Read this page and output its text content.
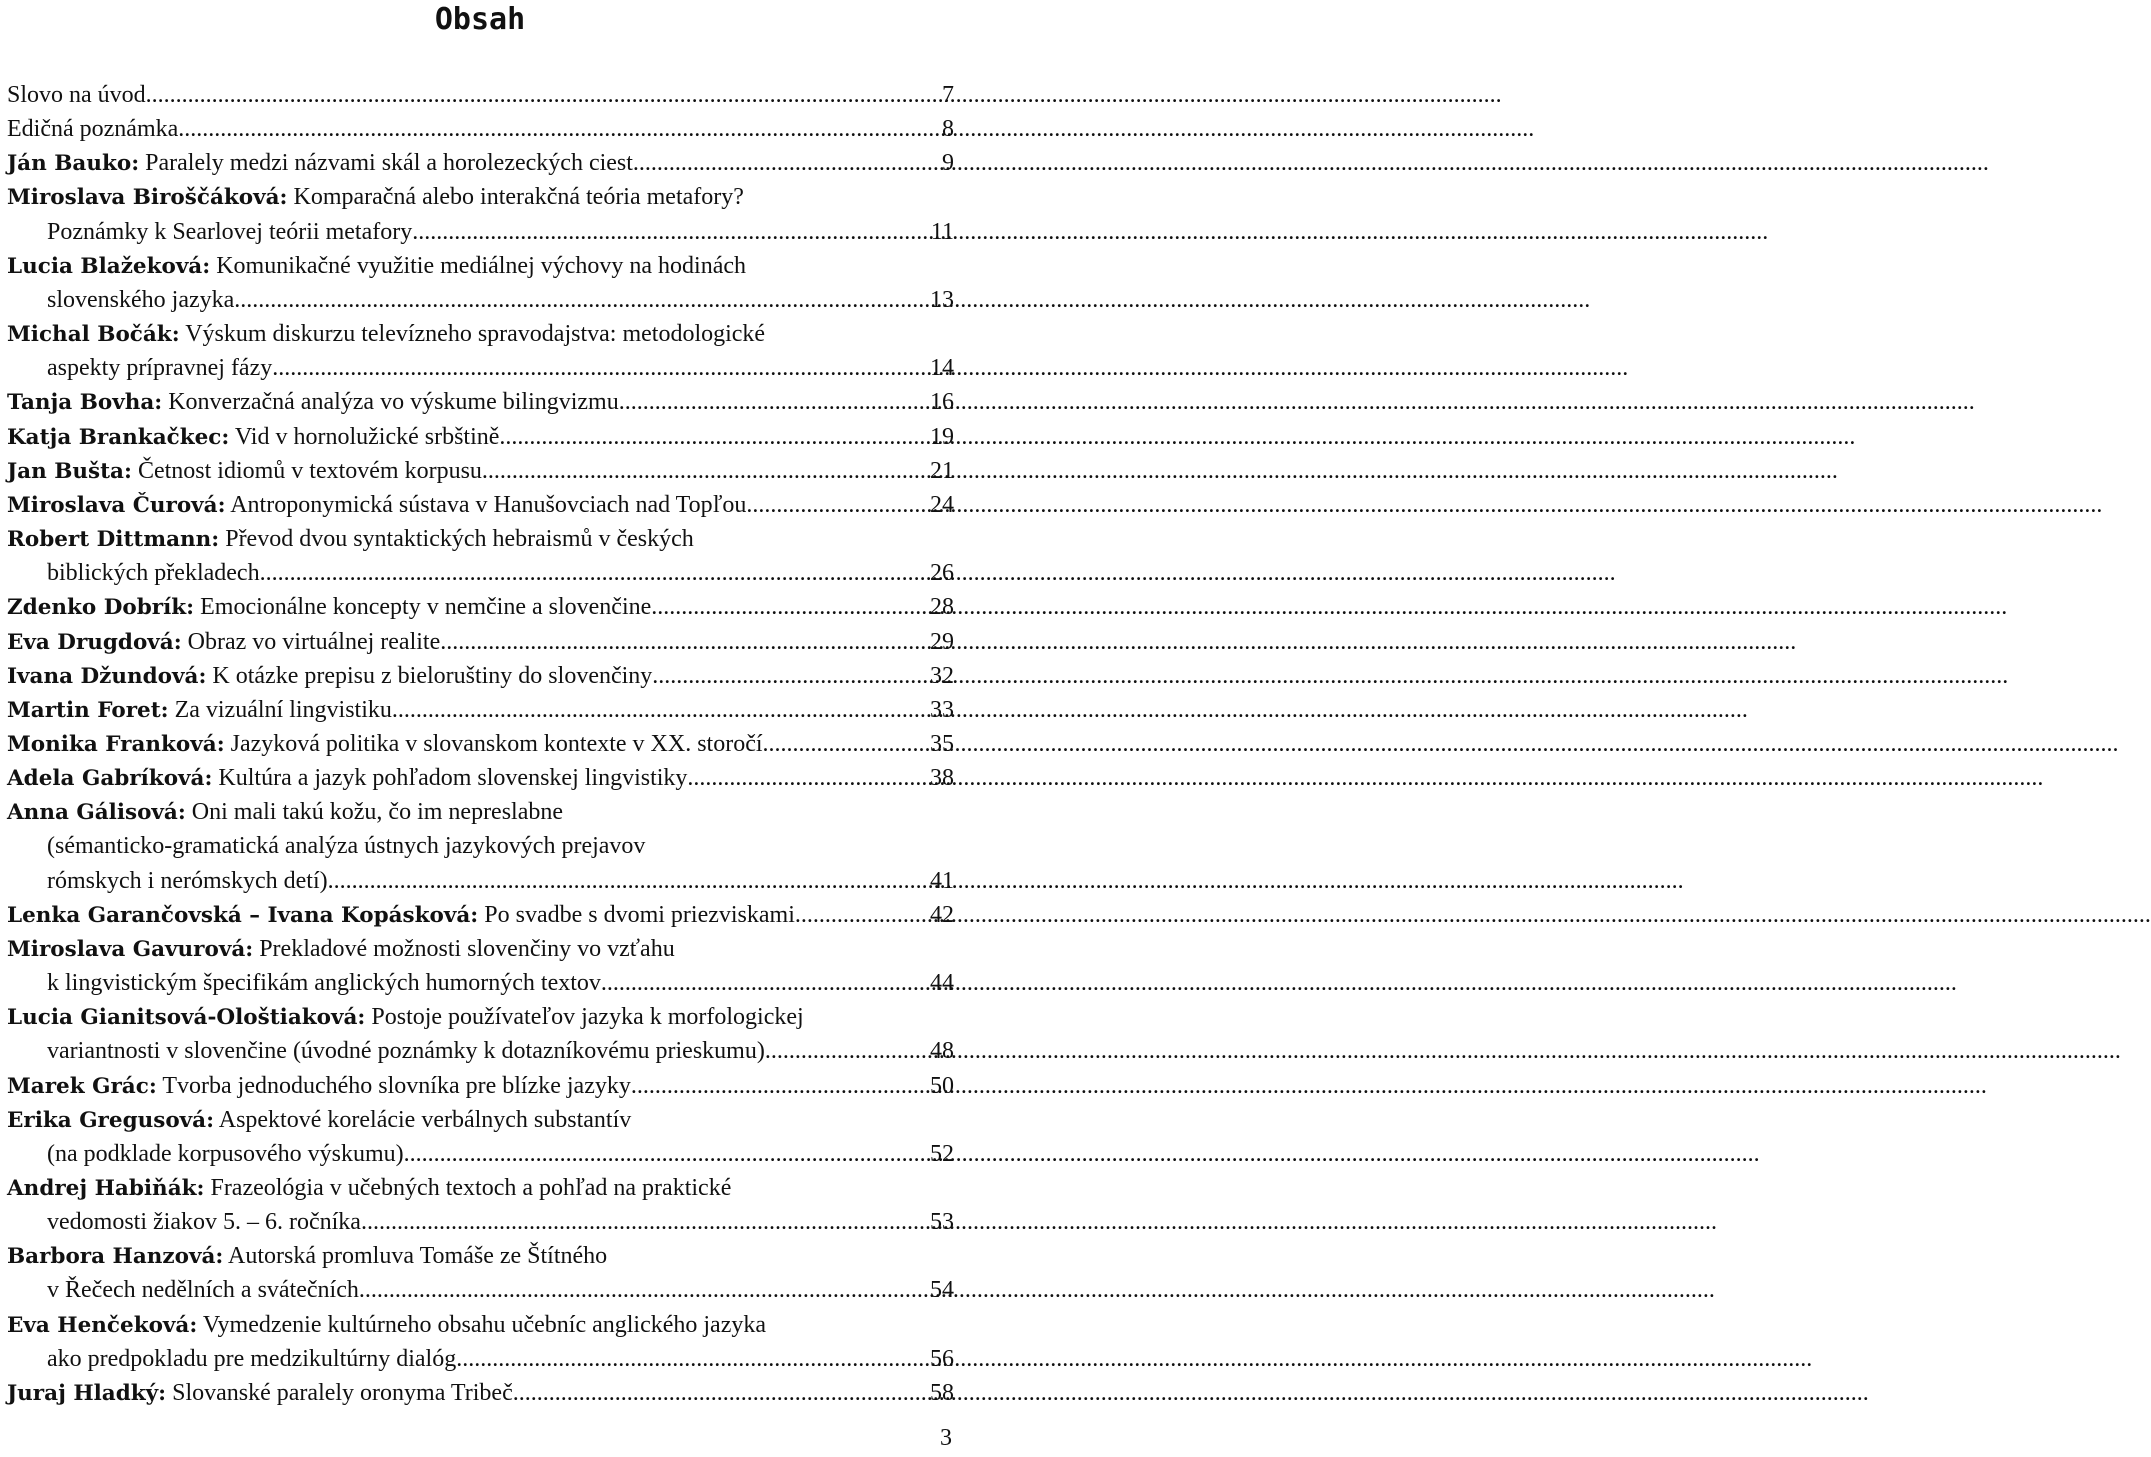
Obsah
Slovo na úvod .....	7
Edičná poznámka .....	8
Ján Bauko: Paralely medzi názvami skál a horolezeckých ciest .....	9
Miroslava Biroščáková: Komparačná alebo interakčná teória metafory?
Poznámky k Searlovej teórii metafory .....	11
Lucia Blažeková: Komunikačné využitie mediálnej výchovy na hodinách
slovenského jazyka .....	13
Michal Bočák: Výskum diskurzu televízneho spravodajstva: metodologické
aspekty prípravnej fázy .....	14
Tanja Bovha: Konverzačná analýza vo výskume bilingvizmu .....	16
Katja Brankačkec: Vid v hornolužické srbštině .....	19
Jan Bušta: Četnost idiomů v textovém korpusu .....	21
Miroslava Čurová: Antroponymická sústava v Hanušovciach nad Topľou .....	24
Robert Dittmann: Převod dvou syntaktických hebraismů v českých
biblických překladech .....	26
Zdenko Dobrík: Emocionálne koncepty v nemčine a slovenčine .....	28
Eva Drugdová: Obraz vo virtuálnej realite .....	29
Ivana Džundová: K otázke prepisu z bieloruštiny do slovenčiny .....	32
Martin Foret: Za vizuální lingvistiku .....	33
Monika Franková: Jazyková politika v slovanskom kontexte v XX. storočí .....	35
Adela Gabríková: Kultúra a jazyk pohľadom slovenskej lingvistiky .....	38
Anna Gálisová: Oni mali takú kožu, čo im nepreslabne
(sémanticko-gramatická analýza ústnych jazykových prejavov
rómskych i nerómskych detí) .....	41
Lenka Garančovská – Ivana Kopásková: Po svadbe s dvomi priezviskami .....	42
Miroslava Gavurová: Prekladové možnosti slovenčiny vo vzťahu
k lingvistickým špecifikám anglických humorných textov .....	44
Lucia Gianitsová-Ološtiaková: Postoje používateľov jazyka k morfologickej
variantnosti v slovenčine (úvodné poznámky k dotazníkovému prieskumu) .....	48
Marek Grác: Tvorba jednoduchého slovníka pre blízke jazyky .....	50
Erika Gregusová: Aspektové korelácie verbálnych substantív
(na podklade korpusového výskumu) .....	52
Andrej Habiňák: Frazeológia v učebných textoch a pohľad na praktické
vedomosti žiakov 5. – 6. ročníka .....	53
Barbora Hanzová: Autorská promluva Tomáše ze Štítného
v Řečech nedělních a svátečních .....	54
Eva Henčeková: Vymedzenie kultúrneho obsahu učebníc anglického jazyka
ako predpokladu pre medzikultúrny dialóg .....	56
Juraj Hladký: Slovanské paralely oronyma Tribeč .....	58
3
